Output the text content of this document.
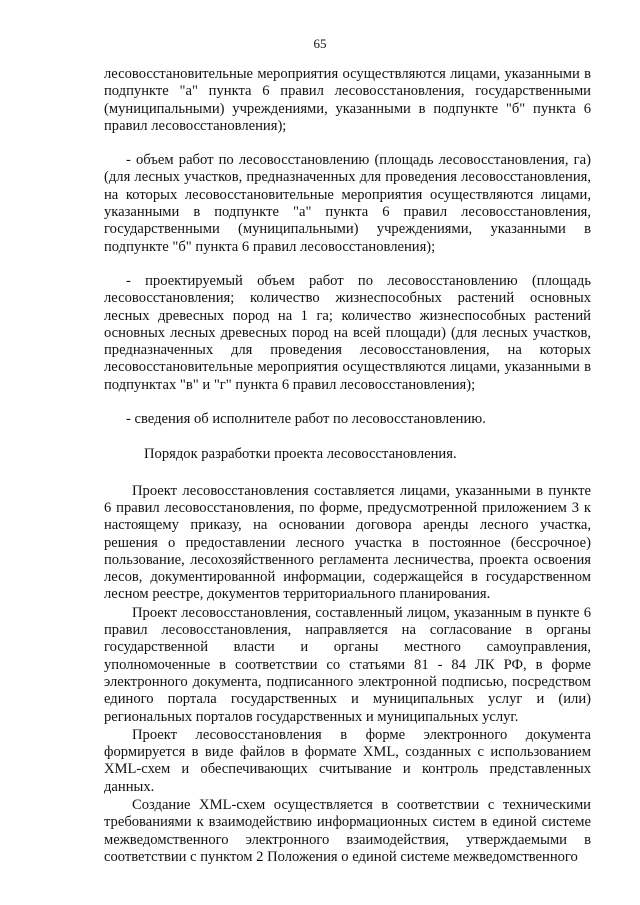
65

лесовосстановительные мероприятия осуществляются лицами, указанными в подпункте "а" пункта 6 правил лесовосстановления, государственными (муниципальными) учреждениями, указанными в подпункте "б" пункта 6 правил лесовосстановления);

- объем работ по лесовосстановлению (площадь лесовосстановления, га) (для лесных участков, предназначенных для проведения лесовосстановления, на которых лесовосстановительные мероприятия осуществляются лицами, указанными в подпункте "а" пункта 6 правил лесовосстановления, государственными (муниципальными) учреждениями, указанными в подпункте "б" пункта 6 правил лесовосстановления);

- проектируемый объем работ по лесовосстановлению (площадь лесовосстановления; количество жизнеспособных растений основных лесных древесных пород на 1 га; количество жизнеспособных растений основных лесных древесных пород на всей площади) (для лесных участков, предназначенных для проведения лесовосстановления, на которых лесовосстановительные мероприятия осуществляются лицами, указанными в подпунктах "в" и "г" пункта 6 правил лесовосстановления);

- сведения об исполнителе работ по лесовосстановлению.

Порядок разработки проекта лесовосстановления.

Проект лесовосстановления составляется лицами, указанными в пункте 6 правил лесовосстановления, по форме, предусмотренной приложением 3 к настоящему приказу, на основании договора аренды лесного участка, решения о предоставлении лесного участка в постоянное (бессрочное) пользование, лесохозяйственного регламента лесничества, проекта освоения лесов, документированной информации, содержащейся в государственном лесном реестре, документов территориального планирования.

Проект лесовосстановления, составленный лицом, указанным в пункте 6 правил лесовосстановления, направляется на согласование в органы государственной власти и органы местного самоуправления, уполномоченные в соответствии со статьями 81 - 84 ЛК РФ, в форме электронного документа, подписанного электронной подписью, посредством единого портала государственных и муниципальных услуг и (или) региональных порталов государственных и муниципальных услуг.

Проект лесовосстановления в форме электронного документа формируется в виде файлов в формате XML, созданных с использованием XML-схем и обеспечивающих считывание и контроль представленных данных.

Создание XML-схем осуществляется в соответствии с техническими требованиями к взаимодействию информационных систем в единой системе межведомственного электронного взаимодействия, утверждаемыми в соответствии с пунктом 2 Положения о единой системе межведомственного
